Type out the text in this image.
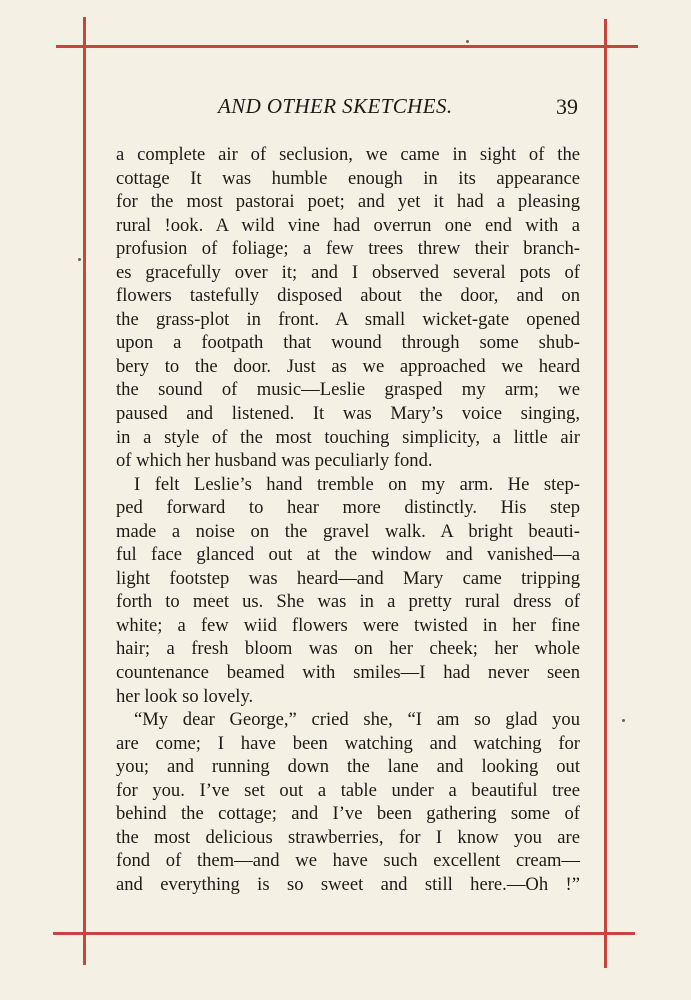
AND OTHER SKETCHES.	39
a complete air of seclusion, we came in sight of the
cottage It was humble enough in its appearance
for the most pastorai poet; and yet it had a pleasing
rural !ook. A wild vine had overrun one end with a
profusion of foliage; a few trees threw their branch-
es gracefully over it; and I observed several pots of
flowers tastefully disposed about the door, and on
the grass-plot in front. A small wicket-gate opened
upon a footpath that wound through some shub-
bery to the door. Just as we approached we heard
the sound of music—Leslie grasped my arm; we
paused and listened. It was Mary’s voice singing,
in a style of the most touching simplicity, a little air
of which her husband was peculiarly fond.
I felt Leslie’s hand tremble on my arm. He step-
ped forward to hear more distinctly. His step
made a noise on the gravel walk. A bright beauti-
ful face glanced out at the window and vanished—a
light footstep was heard—and Mary came tripping
forth to meet us. She was in a pretty rural dress of
white; a few wiid flowers were twisted in her fine
hair; a fresh bloom was on her cheek; her whole
countenance beamed with smiles—I had never seen
her look so lovely.
“My dear George,” cried she, “I am so glad you
are come; I have been watching and watching for
you; and running down the lane and looking out
for you. I’ve set out a table under a beautiful tree
behind the cottage; and I’ve been gathering some of
the most delicious strawberries, for I know you are
fond of them—and we have such excellent cream—
and everything is so sweet and still here.—Oh !”
